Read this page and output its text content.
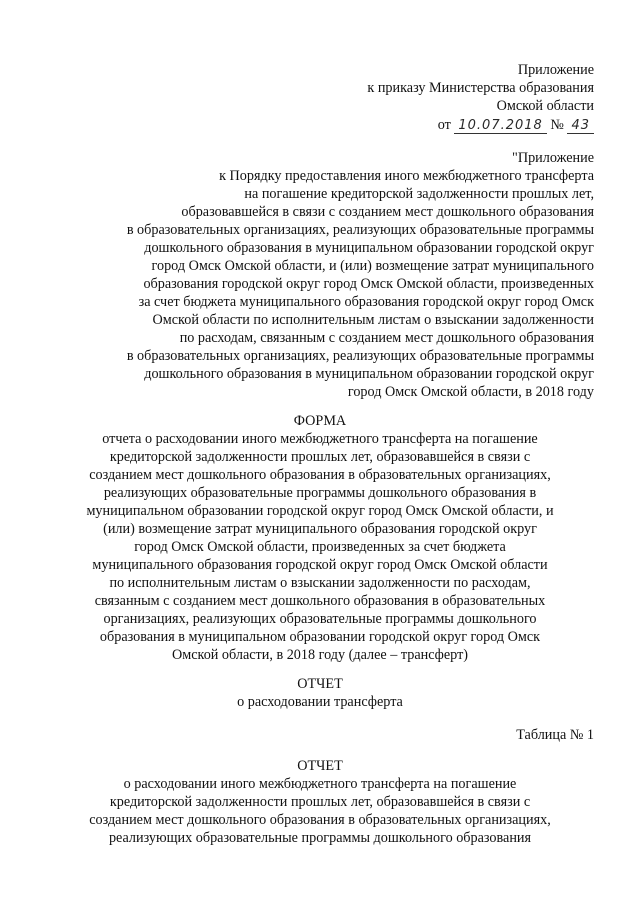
Приложение
к приказу Министерства образования
Омской области
от 10.07.2018 № 43
"Приложение
к Порядку предоставления иного межбюджетного трансферта
на погашение кредиторской задолженности прошлых лет,
образовавшейся в связи с созданием мест дошкольного образования
в образовательных организациях, реализующих образовательные программы
дошкольного образования в муниципальном образовании городской округ
город Омск Омской области, и (или) возмещение затрат муниципального
образования городской округ город Омск Омской области, произведенных
за счет бюджета муниципального образования городской округ город Омск
Омской области по исполнительным листам о взыскании задолженности
по расходам, связанным с созданием мест дошкольного образования
в образовательных организациях, реализующих образовательные программы
дошкольного образования в муниципальном образовании городской округ
город Омск Омской области, в 2018 году
ФОРМА
отчета о расходовании иного межбюджетного трансферта на погашение
кредиторской задолженности прошлых лет, образовавшейся в связи с
созданием мест дошкольного образования в образовательных организациях,
реализующих образовательные программы дошкольного образования в
муниципальном образовании городской округ город Омск Омской области, и
(или) возмещение затрат муниципального образования городской округ
город Омск Омской области, произведенных за счет бюджета
муниципального образования городской округ город Омск Омской области
по исполнительным листам о взыскании задолженности по расходам,
связанным с созданием мест дошкольного образования в образовательных
организациях, реализующих образовательные программы дошкольного
образования в муниципальном образовании городской округ город Омск
Омской области, в 2018 году (далее – трансферт)
ОТЧЕТ
о расходовании трансферта
Таблица № 1
ОТЧЕТ
о расходовании иного межбюджетного трансферта на погашение
кредиторской задолженности прошлых лет, образовавшейся в связи с
созданием мест дошкольного образования в образовательных организациях,
реализующих образовательные программы дошкольного образования
